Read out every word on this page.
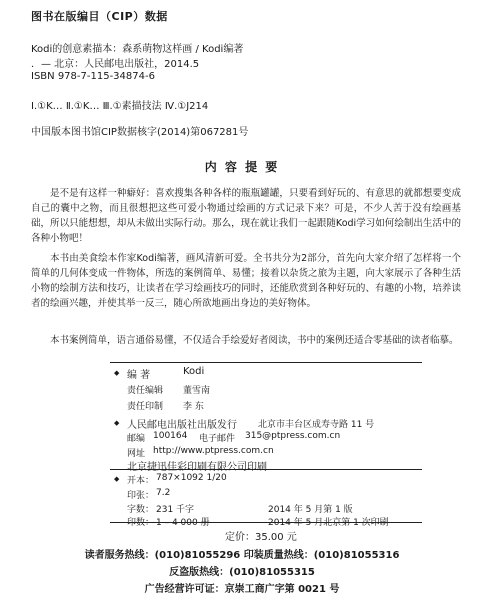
图书在版编目（CIP）数据
Kodi的创意素描本：森系萌物这样画 / Kodi编著
．— 北京：人民邮电出版社，2014.5
ISBN 978-7-115-34874-6
Ⅰ.①K… Ⅱ.①K… Ⅲ.①素描技法 Ⅳ.①J214
中国版本图书馆CIP数据核字(2014)第067281号
内 容 提 要

是不是有这样一种癖好：喜欢搜集各种各样的瓶瓶罐罐，只要看到好玩的、有意思的就都想要变成自己的囊中之物，而且很想把这些可爱小物通过绘画的方式记录下来？可是，不少人苦于没有绘画基础，所以只能想想，却从未做出实际行动。那么，现在就让我们一起跟随Kodi学习如何绘制出生活中的各种小物吧！

本书由美食绘本作家Kodi编著，画风清新可爱。全书共分为2部分，首先向大家介绍了怎样将一个简单的几何体变成一件物体，所选的案例简单、易懂；接着以杂货之旅为主题，向大家展示了各种生活小物的绘制方法和技巧，让读者在学习绘画技巧的同时，还能欣赏到各种好玩的、有趣的小物，培养读者的绘画兴趣，并使其举一反三，随心所欲地画出身边的美好物体。

本书案例简单，语言通俗易懂，不仅适合手绘爱好者阅读，书中的案例还适合零基础的读者临摹。

◆ 编 著	Kodi
责任编辑 董雪南
责任印制 李 东
◆ 人民邮电出版社出版发行 北京市丰台区成寿寺路 11 号
邮编 100164 电子邮件 315@ptpress.com.cn
网址 http://www.ptpress.com.cn
北京捷迅佳彩印刷有限公司印刷
◆ 开本： 787×1092 1/20
印张： 7.2
字数： 231 千字	2014 年 5 月第 1 版
印数： 1 – 4 000 册	2014 年 5 月北京第 1 次印刷
定价： 35.00 元
读者服务热线：(010)81055296 印装质量热线：(010)81055316
反盗版热线：(010)81055315
广告经营许可证：京崇工商广字第 0021 号
